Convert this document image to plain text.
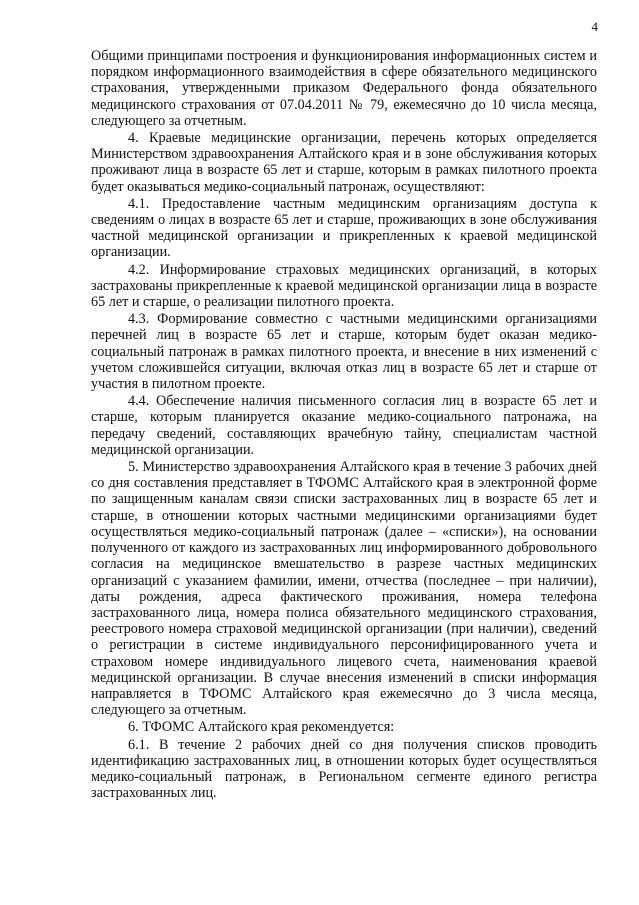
4

Общими принципами построения и функционирования информационных систем и порядком информационного взаимодействия в сфере обязательного медицинского страхования, утвержденными приказом Федерального фонда обязательного медицинского страхования от 07.04.2011 № 79, ежемесячно до 10 числа месяца, следующего за отчетным.

4. Краевые медицинские организации, перечень которых определяется Министерством здравоохранения Алтайского края и в зоне обслуживания которых проживают лица в возрасте 65 лет и старше, которым в рамках пилотного проекта будет оказываться медико-социальный патронаж, осуществляют:

4.1. Предоставление частным медицинским организациям доступа к сведениям о лицах в возрасте 65 лет и старше, проживающих в зоне обслуживания частной медицинской организации и прикрепленных к краевой медицинской организации.

4.2. Информирование страховых медицинских организаций, в которых застрахованы прикрепленные к краевой медицинской организации лица в возрасте 65 лет и старше, о реализации пилотного проекта.

4.3. Формирование совместно с частными медицинскими организациями перечней лиц в возрасте 65 лет и старше, которым будет оказан медико-социальный патронаж в рамках пилотного проекта, и внесение в них изменений с учетом сложившейся ситуации, включая отказ лиц в возрасте 65 лет и старше от участия в пилотном проекте.

4.4. Обеспечение наличия письменного согласия лиц в возрасте 65 лет и старше, которым планируется оказание медико-социального патронажа, на передачу сведений, составляющих врачебную тайну, специалистам частной медицинской организации.

5. Министерство здравоохранения Алтайского края в течение 3 рабочих дней со дня составления представляет в ТФОМС Алтайского края в электронной форме по защищенным каналам связи списки застрахованных лиц в возрасте 65 лет и старше, в отношении которых частными медицинскими организациями будет осуществляться медико-социальный патронаж (далее – «списки»), на основании полученного от каждого из застрахованных лиц информированного добровольного согласия на медицинское вмешательство в разрезе частных медицинских организаций с указанием фамилии, имени, отчества (последнее – при наличии), даты рождения, адреса фактического проживания, номера телефона застрахованного лица, номера полиса обязательного медицинского страхования, реестрового номера страховой медицинской организации (при наличии), сведений о регистрации в системе индивидуального персонифицированного учета и страховом номере индивидуального лицевого счета, наименования краевой медицинской организации. В случае внесения изменений в списки информация направляется в ТФОМС Алтайского края ежемесячно до 3 числа месяца, следующего за отчетным.

6. ТФОМС Алтайского края рекомендуется:

6.1. В течение 2 рабочих дней со дня получения списков проводить идентификацию застрахованных лиц, в отношении которых будет осуществляться медико-социальный патронаж, в Региональном сегменте единого регистра застрахованных лиц.
